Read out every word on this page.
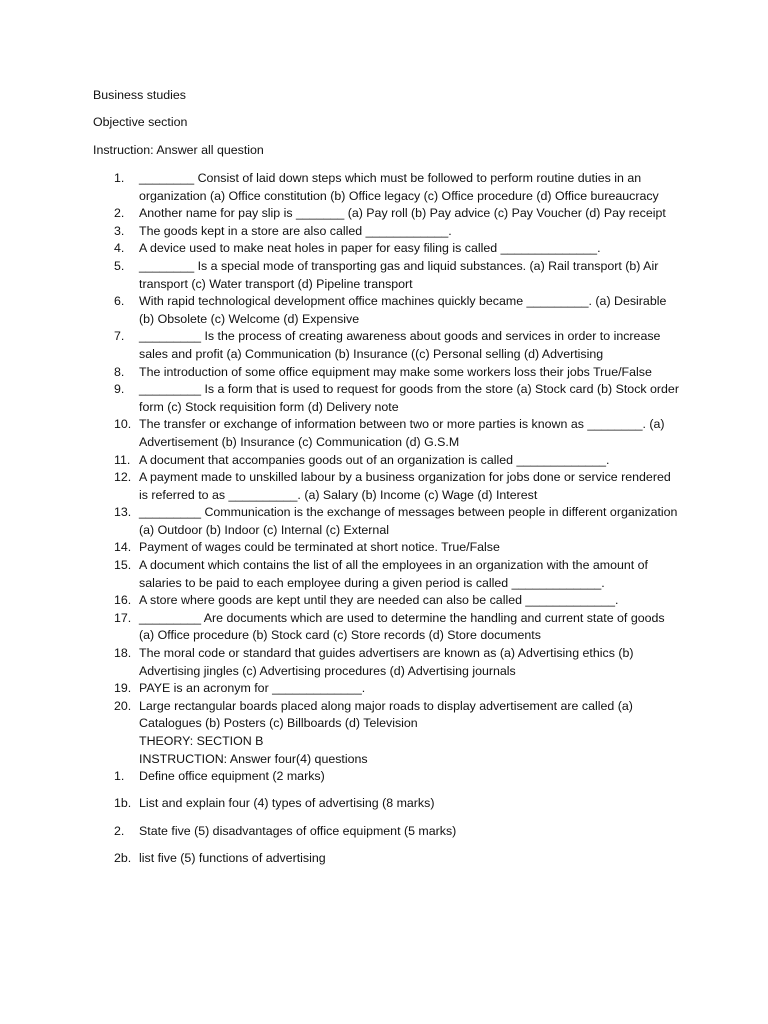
Business studies
Objective section
Instruction: Answer all question
1.	________ Consist of laid down steps which must be followed to perform routine duties in an organization (a) Office constitution (b) Office legacy (c) Office procedure (d) Office bureaucracy
2.	Another name for pay slip is _______ (a) Pay roll (b) Pay advice (c) Pay Voucher (d) Pay receipt
3.	The goods kept in a store are also called ____________.
4.	A device used to make neat holes in paper for easy filing is called ______________.
5.	________ Is a special mode of transporting gas and liquid substances. (a) Rail transport (b) Air transport (c) Water transport (d) Pipeline transport
6.	With rapid technological development office machines quickly became _________. (a) Desirable (b) Obsolete (c) Welcome (d) Expensive
7.	_________ Is the process of creating awareness about goods and services in order to increase sales and profit (a) Communication (b) Insurance ((c) Personal selling (d) Advertising
8.	The introduction of some office equipment may make some workers loss their jobs True/False
9.	_________ Is a form that is used to request for goods from the store (a) Stock card (b) Stock order form (c) Stock requisition form (d) Delivery note
10. The transfer or exchange of information between two or more parties is known as ________. (a) Advertisement (b) Insurance (c) Communication (d) G.S.M
11. A document that accompanies goods out of an organization is called _____________.
12. A payment made to unskilled labour by a business organization for jobs done or service rendered is referred to as __________. (a) Salary (b) Income (c) Wage (d) Interest
13. _________ Communication is the exchange of messages between people in different organization (a) Outdoor (b) Indoor (c) Internal (c) External
14. Payment of wages could be terminated at short notice. True/False
15. A document which contains the list of all the employees in an organization with the amount of salaries to be paid to each employee during a given period is called _____________.
16. A store where goods are kept until they are needed can also be called _____________.
17. _________ Are documents which are used to determine the handling and current state of goods (a) Office procedure (b) Stock card (c) Store records (d) Store documents
18. The moral code or standard that guides advertisers are known as (a) Advertising ethics (b) Advertising jingles (c) Advertising procedures (d) Advertising journals
19. PAYE is an acronym for _____________.
20. Large rectangular boards placed along major roads to display advertisement are called (a) Catalogues (b) Posters (c) Billboards (d) Television
THEORY: SECTION B
INSTRUCTION: Answer four(4) questions
1. Define office equipment (2 marks)
1b. List and explain four (4) types of advertising (8 marks)
2. State five (5) disadvantages of office equipment (5 marks)
2b. list five (5) functions of advertising
